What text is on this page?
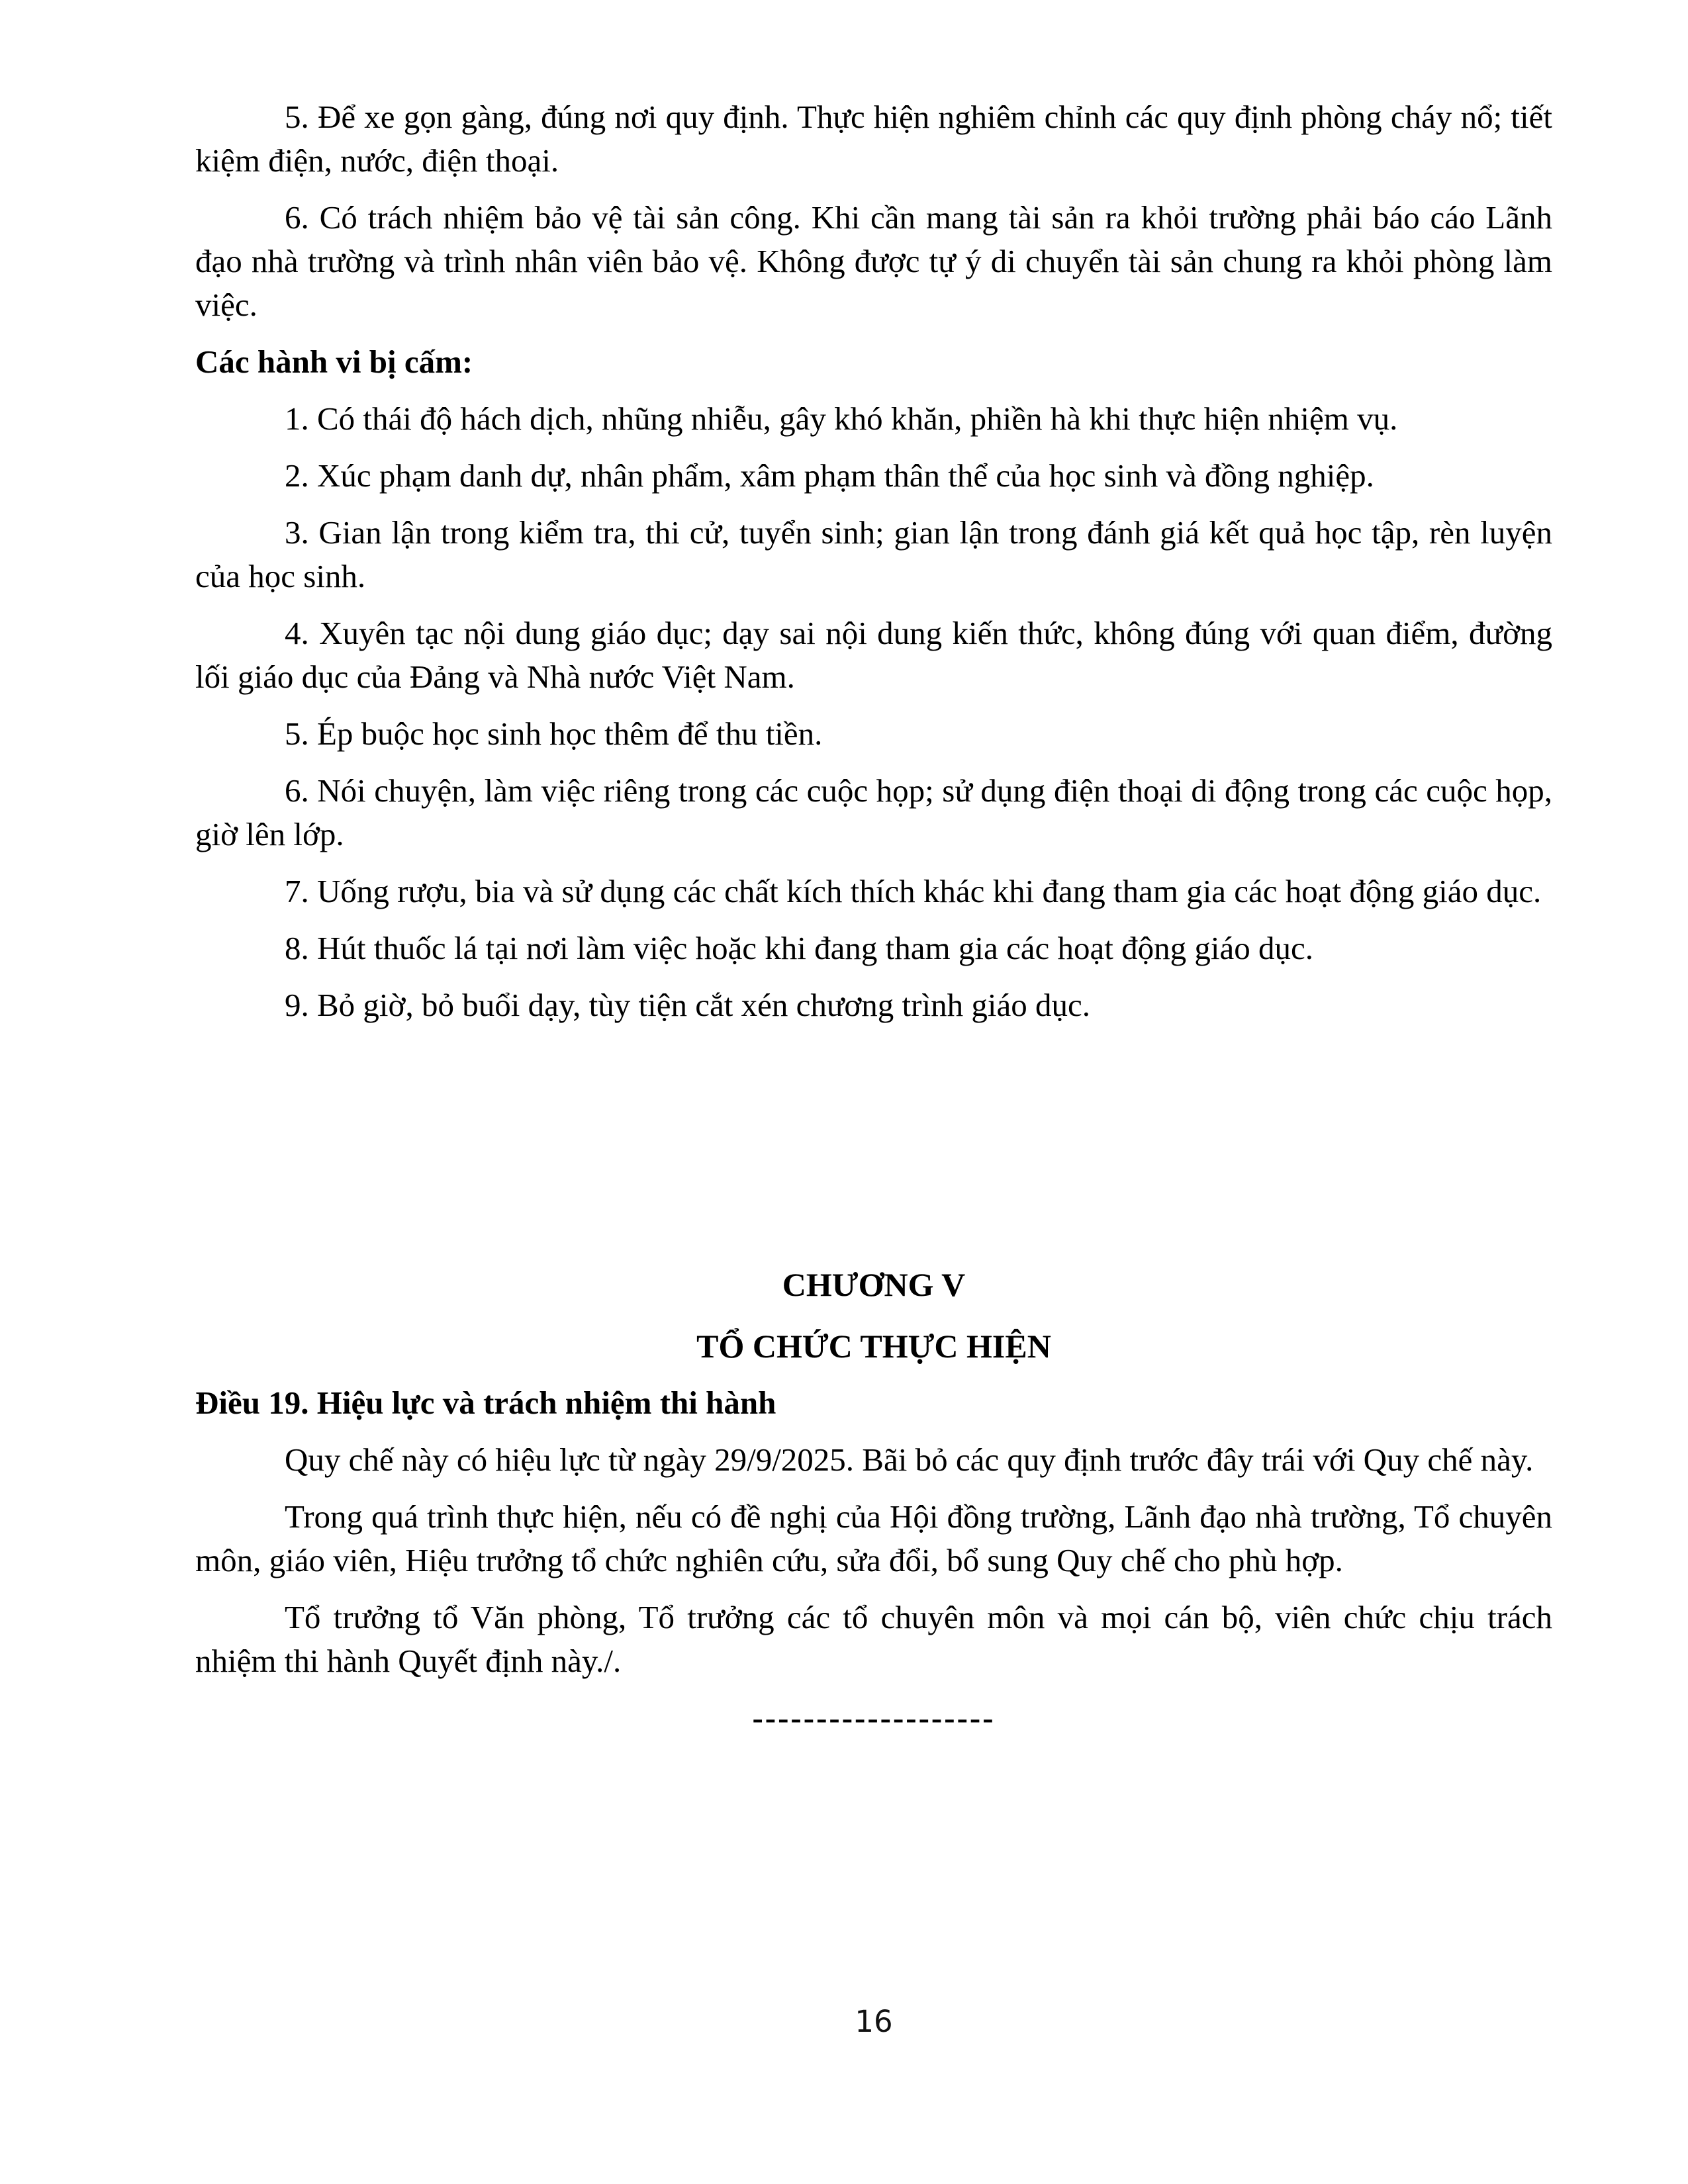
5. Để xe gọn gàng, đúng nơi quy định. Thực hiện nghiêm chỉnh các quy định phòng cháy nổ; tiết kiệm điện, nước, điện thoại.

6. Có trách nhiệm bảo vệ tài sản công. Khi cần mang tài sản ra khỏi trường phải báo cáo Lãnh đạo nhà trường và trình nhân viên bảo vệ. Không được tự ý di chuyển tài sản chung ra khỏi phòng làm việc.

Các hành vi bị cấm:

1. Có thái độ hách dịch, nhũng nhiễu, gây khó khăn, phiền hà khi thực hiện nhiệm vụ.

2. Xúc phạm danh dự, nhân phẩm, xâm phạm thân thể của học sinh và đồng nghiệp.

3. Gian lận trong kiểm tra, thi cử, tuyển sinh; gian lận trong đánh giá kết quả học tập, rèn luyện của học sinh.

4. Xuyên tạc nội dung giáo dục; dạy sai nội dung kiến thức, không đúng với quan điểm, đường lối giáo dục của Đảng và Nhà nước Việt Nam.

5. Ép buộc học sinh học thêm để thu tiền.

6. Nói chuyện, làm việc riêng trong các cuộc họp; sử dụng điện thoại di động trong các cuộc họp, giờ lên lớp.

7. Uống rượu, bia và sử dụng các chất kích thích khác khi đang tham gia các hoạt động giáo dục.

8. Hút thuốc lá tại nơi làm việc hoặc khi đang tham gia các hoạt động giáo dục.

9. Bỏ giờ, bỏ buổi dạy, tùy tiện cắt xén chương trình giáo dục.

CHƯƠNG V

TỔ CHỨC THỰC HIỆN

Điều 19. Hiệu lực và trách nhiệm thi hành

Quy chế này có hiệu lực từ ngày 29/9/2025. Bãi bỏ các quy định trước đây trái với Quy chế này.

Trong quá trình thực hiện, nếu có đề nghị của Hội đồng trường, Lãnh đạo nhà trường, Tổ chuyên môn, giáo viên, Hiệu trưởng tổ chức nghiên cứu, sửa đổi, bổ sung Quy chế cho phù hợp.

Tổ trưởng tổ Văn phòng, Tổ trưởng các tổ chuyên môn và mọi cán bộ, viên chức chịu trách nhiệm thi hành Quyết định này./.

-------------------

16
